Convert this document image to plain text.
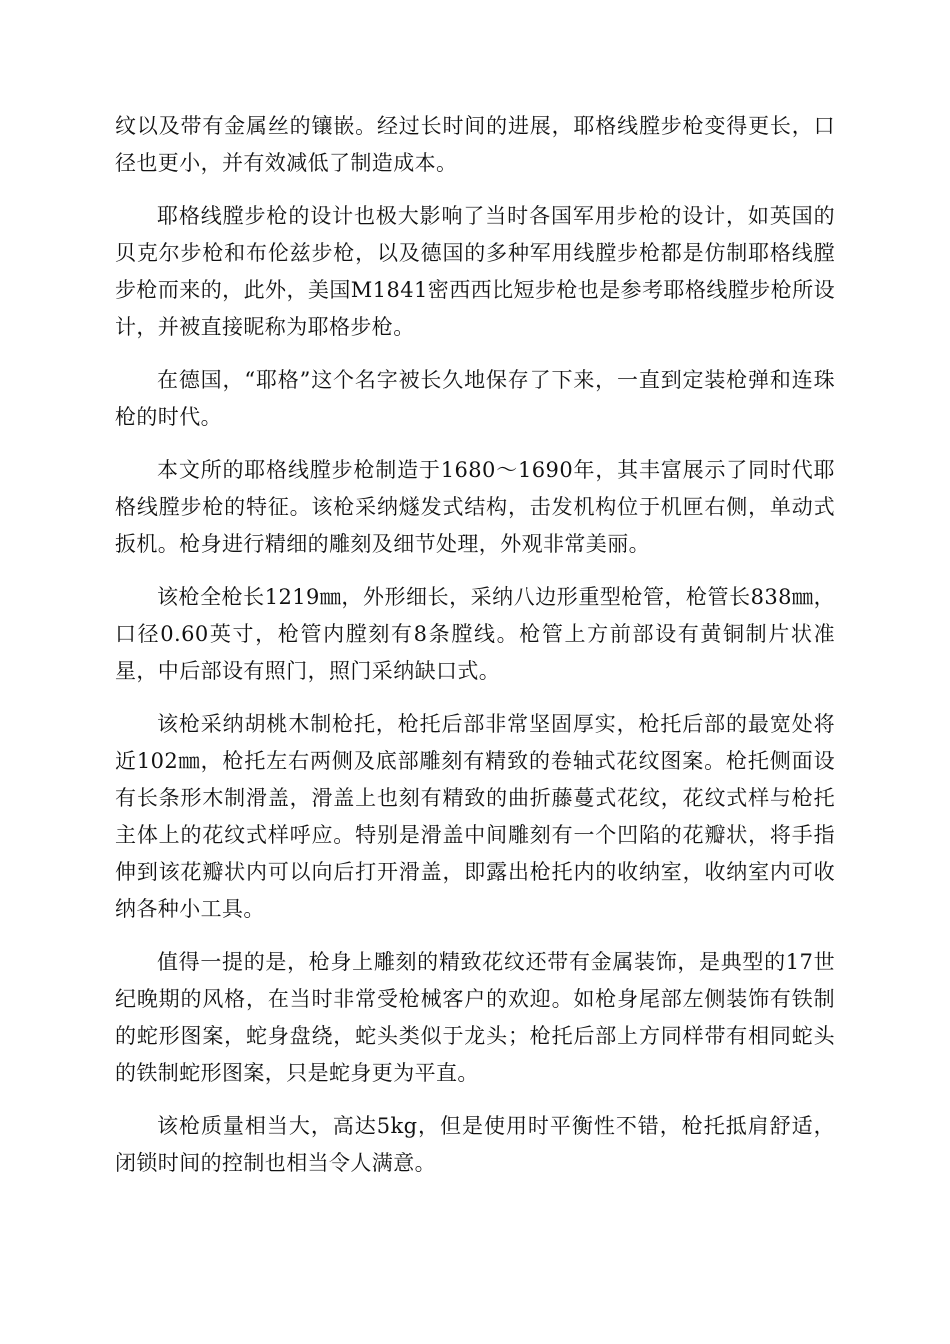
纹以及带有金属丝的镶嵌。经过长时间的进展，耶格线膛步枪变得更长，口径也更小，并有效减低了制造成本。

耶格线膛步枪的设计也极大影响了当时各国军用步枪的设计，如英国的贝克尔步枪和布伦兹步枪，以及德国的多种军用线膛步枪都是仿制耶格线膛步枪而来的，此外，美国M1841密西西比短步枪也是参考耶格线膛步枪所设计，并被直接昵称为耶格步枪。

在德国，“耶格”这个名字被长久地保存了下来，一直到定装枪弹和连珠枪的时代。

本文所的耶格线膛步枪制造于1680～1690年，其丰富展示了同时代耶格线膛步枪的特征。该枪采纳燧发式结构，击发机构位于机匣右侧，单动式扳机。枪身进行精细的雕刻及细节处理，外观非常美丽。

该枪全枪长1219㎜，外形细长，采纳八边形重型枪管，枪管长838㎜，口径0.60英寸，枪管内膛刻有8条膛线。枪管上方前部设有黄铜制片状准星，中后部设有照门，照门采纳缺口式。

该枪采纳胡桃木制枪托，枪托后部非常坚固厚实，枪托后部的最宽处将近102㎜，枪托左右两侧及底部雕刻有精致的卷轴式花纹图案。枪托侧面设有长条形木制滑盖，滑盖上也刻有精致的曲折藤蔓式花纹，花纹式样与枪托主体上的花纹式样呼应。特别是滑盖中间雕刻有一个凹陷的花瓣状，将手指伸到该花瓣状内可以向后打开滑盖，即露出枪托内的收纳室，收纳室内可收纳各种小工具。

值得一提的是，枪身上雕刻的精致花纹还带有金属装饰，是典型的17世纪晚期的风格，在当时非常受枪械客户的欢迎。如枪身尾部左侧装饰有铁制的蛇形图案，蛇身盘绕，蛇头类似于龙头；枪托后部上方同样带有相同蛇头的铁制蛇形图案，只是蛇身更为平直。

该枪质量相当大，高达5kg，但是使用时平衡性不错，枪托抵肩舒适，闭锁时间的控制也相当令人满意。
